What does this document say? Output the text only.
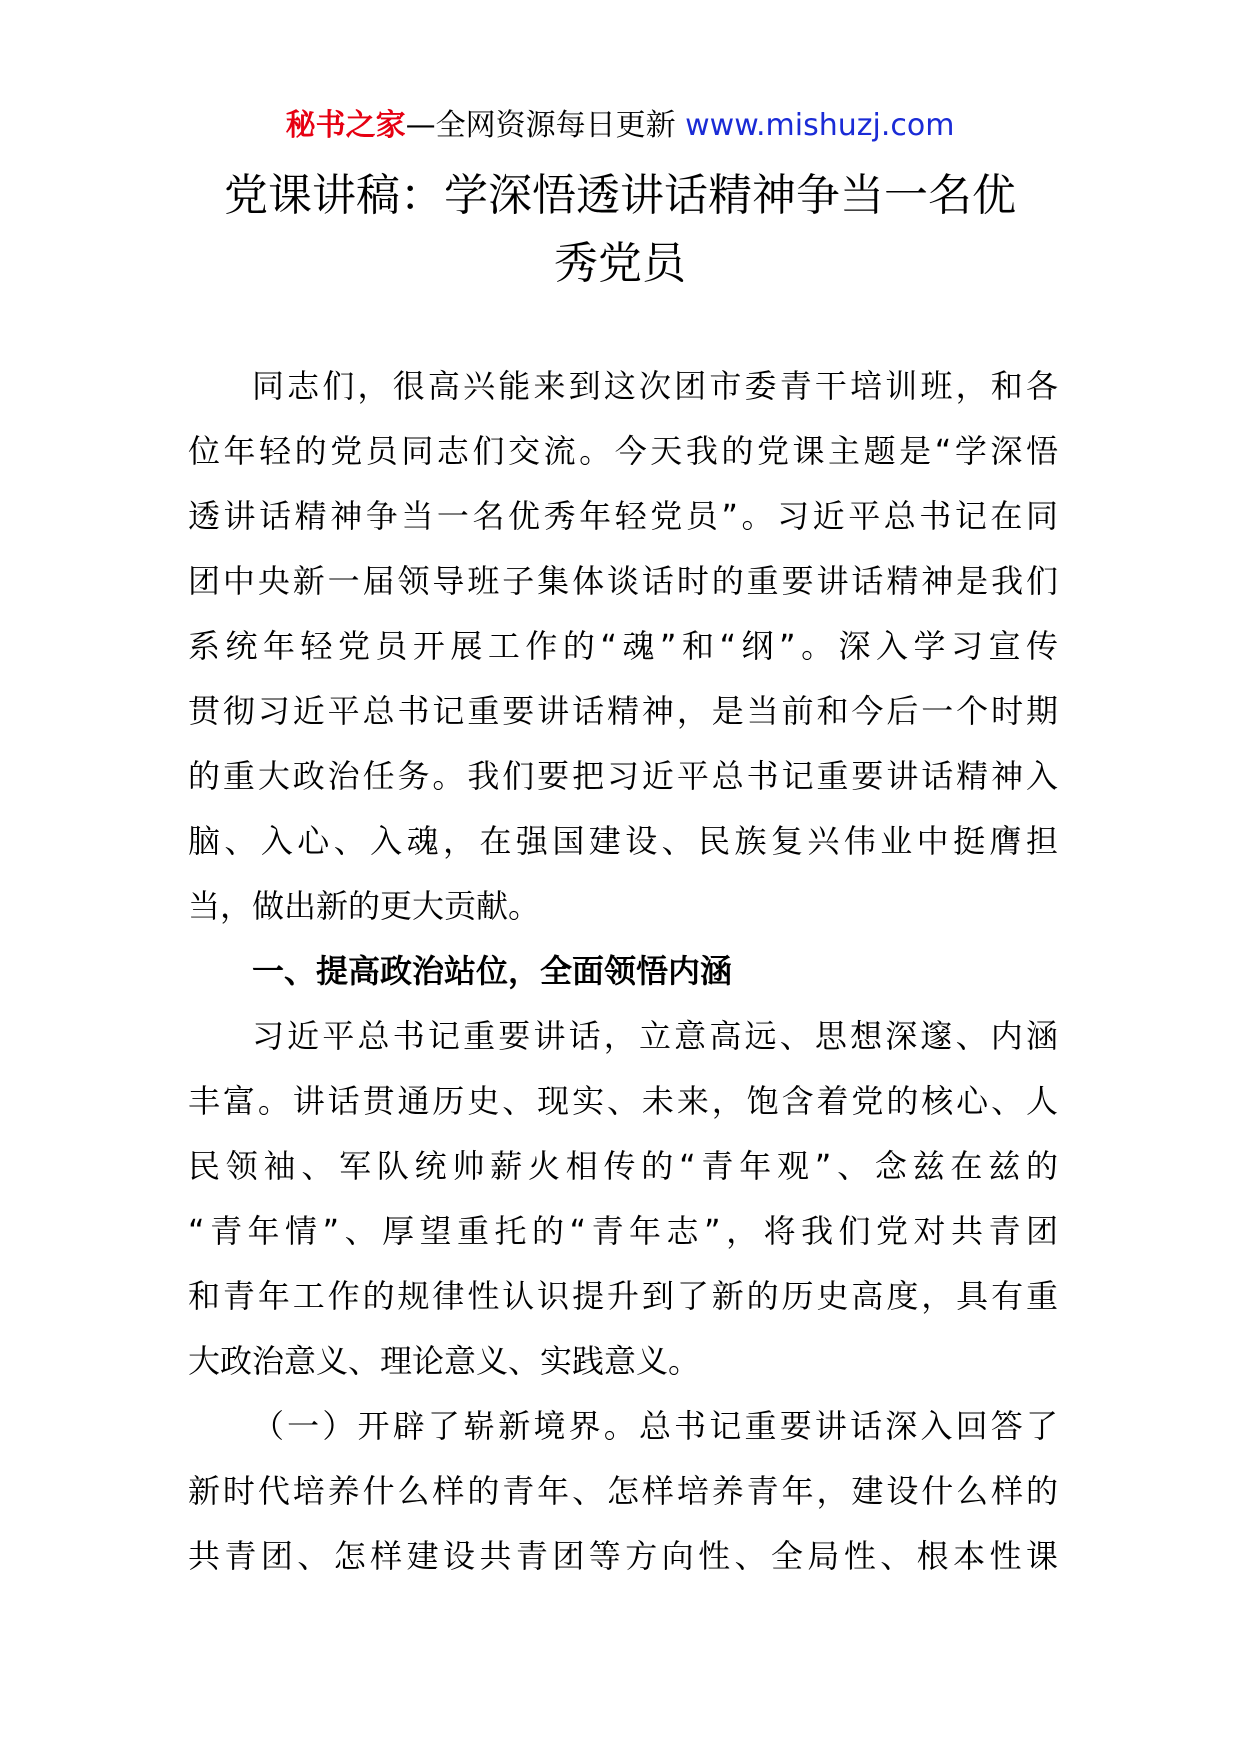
秘书之家—全网资源每日更新 www.mishuzj.com
党课讲稿：学深悟透讲话精神争当一名优
秀党员
同志们，很高兴能来到这次团市委青干培训班，和各
位年轻的党员同志们交流。今天我的党课主题是“学深悟
透讲话精神争当一名优秀年轻党员”。习近平总书记在同
团中央新一届领导班子集体谈话时的重要讲话精神是我们
系统年轻党员开展工作的“魂”和“纲”。深入学习宣传
贯彻习近平总书记重要讲话精神，是当前和今后一个时期
的重大政治任务。我们要把习近平总书记重要讲话精神入
脑、入心、入魂，在强国建设、民族复兴伟业中挺膺担
当，做出新的更大贡献。
一、提高政治站位，全面领悟内涵
习近平总书记重要讲话，立意高远、思想深邃、内涵
丰富。讲话贯通历史、现实、未来，饱含着党的核心、人
民领袖、军队统帅薪火相传的“青年观”、念兹在兹的
“青年情”、厚望重托的“青年志”，将我们党对共青团
和青年工作的规律性认识提升到了新的历史高度，具有重
大政治意义、理论意义、实践意义。
（一）开辟了崭新境界。总书记重要讲话深入回答了
新时代培养什么样的青年、怎样培养青年，建设什么样的
共青团、怎样建设共青团等方向性、全局性、根本性课
